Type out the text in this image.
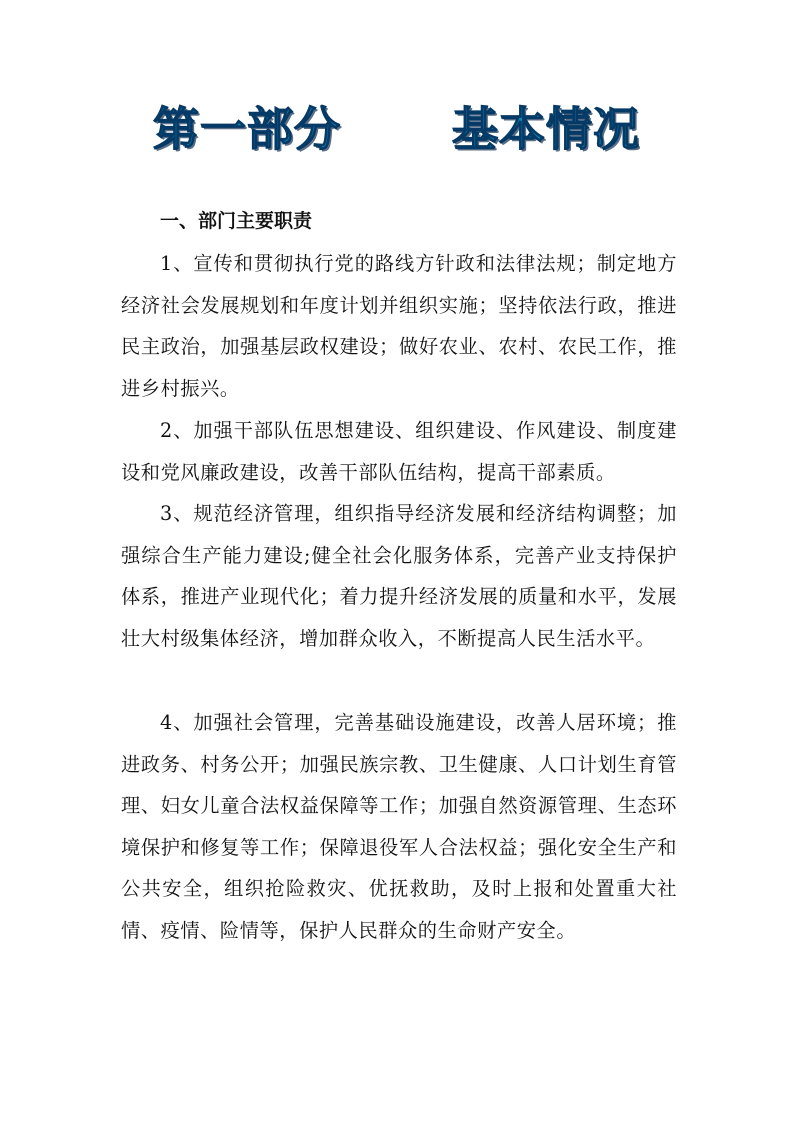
第一部分　　 基本情况
一、部门主要职责

1、宣传和贯彻执行党的路线方针政和法律法规；制定地方经济社会发展规划和年度计划并组织实施；坚持依法行政，推进民主政治，加强基层政权建设；做好农业、农村、农民工作，推进乡村振兴。

2、加强干部队伍思想建设、组织建设、作风建设、制度建设和党风廉政建设，改善干部队伍结构，提高干部素质。

3、规范经济管理，组织指导经济发展和经济结构调整；加强综合生产能力建设;健全社会化服务体系，完善产业支持保护体系，推进产业现代化；着力提升经济发展的质量和水平，发展壮大村级集体经济，增加群众收入，不断提高人民生活水平。

4、加强社会管理，完善基础设施建设，改善人居环境；推进政务、村务公开；加强民族宗教、卫生健康、人口计划生育管理、妇女儿童合法权益保障等工作；加强自然资源管理、生态环境保护和修复等工作；保障退役军人合法权益；强化安全生产和公共安全，组织抢险救灾、优抚救助，及时上报和处置重大社情、疫情、险情等，保护人民群众的生命财产安全。
